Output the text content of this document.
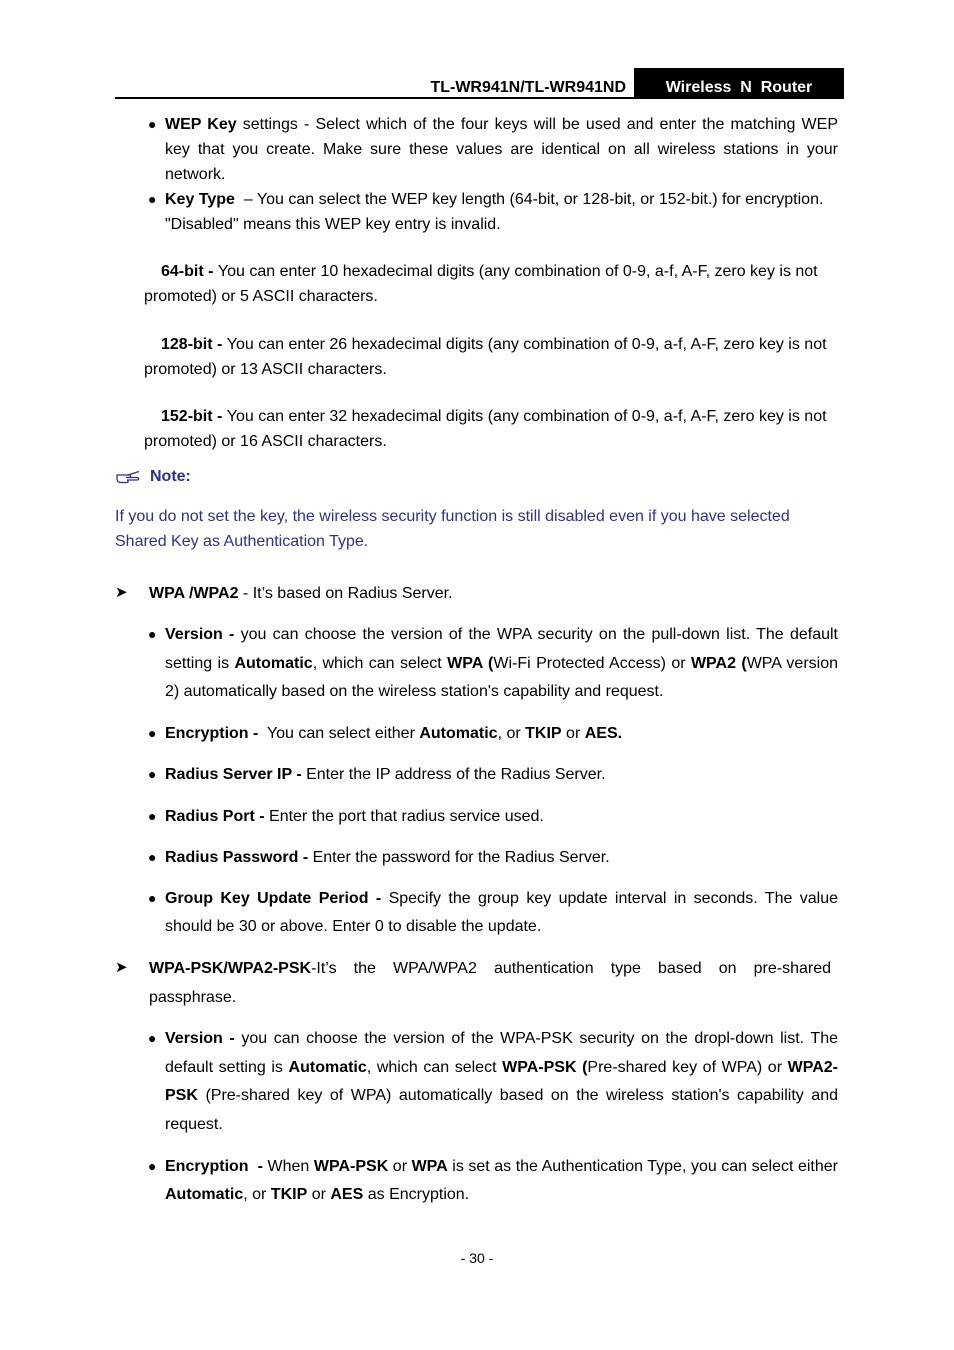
TL-WR941N/TL-WR941ND	Wireless  N  Router
● WEP Key settings - Select which of the four keys will be used and enter the matching WEP key that you create. Make sure these values are identical on all wireless stations in your network.
● Key Type  – You can select the WEP key length (64-bit, or 128-bit, or 152-bit.) for encryption. "Disabled" means this WEP key entry is invalid.
64-bit - You can enter 10 hexadecimal digits (any combination of 0-9, a-f, A-F, zero key is not promoted) or 5 ASCII characters.
128-bit - You can enter 26 hexadecimal digits (any combination of 0-9, a-f, A-F, zero key is not promoted) or 13 ASCII characters.
152-bit - You can enter 32 hexadecimal digits (any combination of 0-9, a-f, A-F, zero key is not promoted) or 16 ASCII characters.
Note:
If you do not set the key, the wireless security function is still disabled even if you have selected Shared Key as Authentication Type.
➤ WPA /WPA2 - It’s based on Radius Server.
● Version - you can choose the version of the WPA security on the pull-down list. The default setting is Automatic, which can select WPA (Wi-Fi Protected Access) or WPA2 (WPA version 2) automatically based on the wireless station's capability and request.
● Encryption -  You can select either Automatic, or TKIP or AES.
● Radius Server IP - Enter the IP address of the Radius Server.
● Radius Port - Enter the port that radius service used.
● Radius Password - Enter the password for the Radius Server.
● Group Key Update Period - Specify the group key update interval in seconds. The value should be 30 or above. Enter 0 to disable the update.
➤ WPA-PSK/WPA2-PSK-It’s the WPA/WPA2 authentication type based on pre-shared passphrase.
● Version - you can choose the version of the WPA-PSK security on the dropl-down list. The default setting is Automatic, which can select WPA-PSK (Pre-shared key of WPA) or WPA2-PSK (Pre-shared key of WPA) automatically based on the wireless station's capability and request.
● Encryption  - When WPA-PSK or WPA is set as the Authentication Type, you can select either Automatic, or TKIP or AES as Encryption.
- 30 -
